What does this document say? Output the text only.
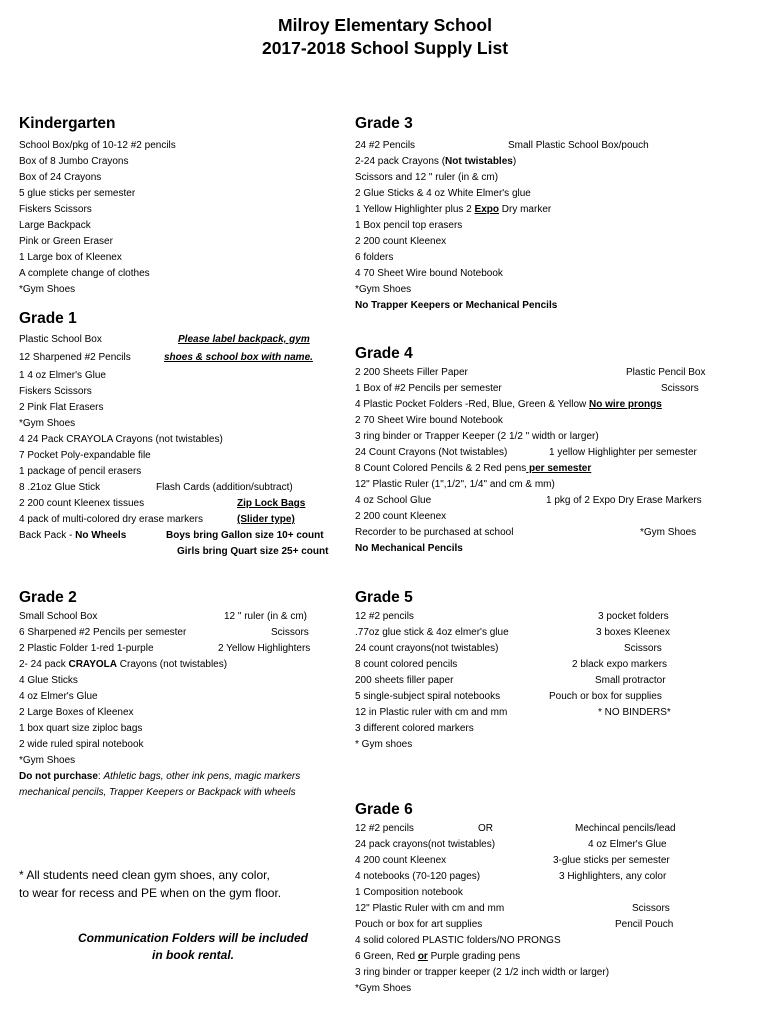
Milroy Elementary School
2017-2018 School Supply List
Kindergarten
School Box/pkg of 10-12 #2 pencils
Box of 8 Jumbo Crayons
Box of 24 Crayons
5 glue sticks per semester
Fiskers Scissors
Large Backpack
Pink or Green Eraser
1 Large box of Kleenex
A complete change of clothes
*Gym Shoes
Grade 1
Plastic School Box	Please label backpack, gym
12 Sharpened #2 Pencils	shoes & school box with name.
1 4 oz Elmer's Glue
Fiskers Scissors
2 Pink Flat Erasers
*Gym Shoes
4 24 Pack CRAYOLA Crayons (not twistables)
7 Pocket Poly-expandable file
1 package of pencil erasers
8 .21oz Glue Stick	Flash Cards (addition/subtract)
2 200 count Kleenex tissues	Zip Lock Bags
4 pack of multi-colored dry erase markers	(Slider type)
Back Pack - No Wheels	Boys bring Gallon size 10+ count
Girls bring Quart size 25+ count
Grade 2
Small School Box	12 " ruler (in & cm)
6 Sharpened #2 Pencils per semester	Scissors
2 Plastic Folder 1-red 1-purple	2 Yellow Highlighters
2- 24 pack CRAYOLA Crayons (not twistables)
4 Glue Sticks
4 oz Elmer's Glue
2 Large Boxes of Kleenex
1 box quart size ziploc bags
2 wide ruled spiral notebook
*Gym Shoes
Do not purchase: Athletic bags, other ink pens, magic markers
mechanical pencils, Trapper Keepers or Backpack with wheels
* All students need clean gym shoes, any color,
to wear for recess and PE when on the gym floor.
Communication Folders will be included
in book rental.
Grade 3
24 #2 Pencils	Small Plastic School Box/pouch
2-24 pack Crayons (Not twistables)
Scissors and 12 " ruler (in & cm)
2 Glue Sticks & 4 oz White Elmer's glue
1 Yellow Highlighter plus 2 Expo Dry marker
1 Box pencil top erasers
2 200 count Kleenex
6 folders
4 70 Sheet Wire bound Notebook
*Gym Shoes
No Trapper Keepers or Mechanical Pencils
Grade 4
2 200 Sheets Filler Paper	Plastic Pencil Box
1 Box of #2 Pencils per semester	Scissors
4 Plastic Pocket Folders -Red, Blue, Green & Yellow No wire prongs
2 70 Sheet Wire bound Notebook
3 ring binder or Trapper Keeper (2 1/2 " width or larger)
24 Count Crayons (Not twistables)	1 yellow Highlighter per semester
8 Count Colored Pencils & 2 Red pens per semester
12" Plastic Ruler (1",1/2", 1/4" and cm & mm)
4 oz School Glue	1 pkg of 2 Expo Dry Erase Markers
2 200 count Kleenex
Recorder to be purchased at school	*Gym Shoes
No Mechanical Pencils
Grade 5
12 #2 pencils	3 pocket folders
.77oz glue stick & 4oz elmer's glue	3 boxes Kleenex
24 count crayons(not twistables)	Scissors
8 count colored pencils	2 black expo markers
200 sheets filler paper	Small protractor
5 single-subject spiral notebooks	Pouch or box for supplies
12 in Plastic ruler with cm and mm	* NO BINDERS*
3 different colored markers
* Gym shoes
Grade 6
12 #2 pencils	OR	Mechincal pencils/lead
24 pack crayons(not twistables)	4 oz Elmer's Glue
4 200 count Kleenex	3-glue sticks per semester
4 notebooks (70-120 pages)	3 Highlighters, any color
1 Composition notebook
12" Plastic Ruler with cm and mm	Scissors
Pouch or box for art supplies	Pencil Pouch
4 solid colored PLASTIC folders/NO PRONGS
6 Green, Red or Purple grading pens
3 ring binder or trapper keeper (2 1/2 inch width or larger)
*Gym Shoes
